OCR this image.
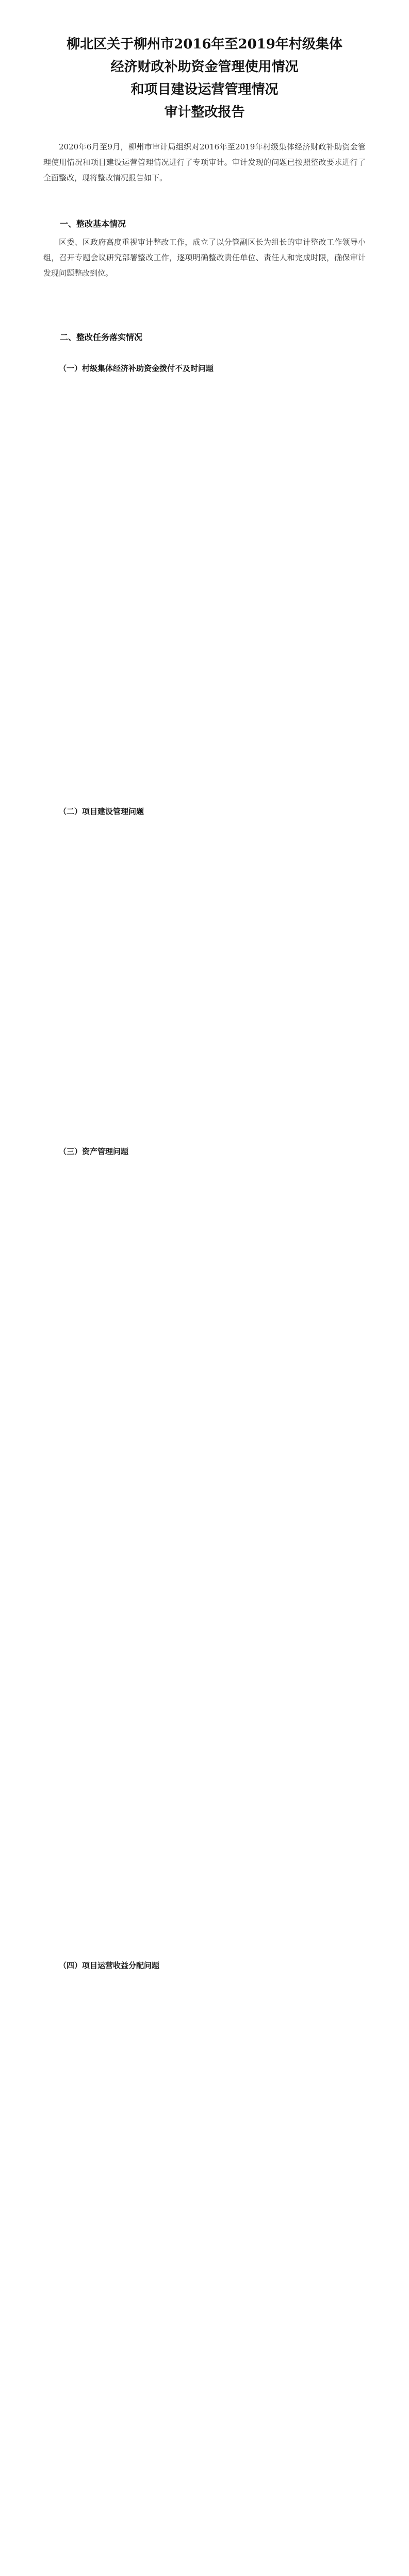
柳北区关于柳州市2016年至2019年村级集体

经济财政补助资金管理使用情况

和项目建设运营管理情况

审计整改报告

2020年6月至9月，柳州市审计局组织对2016年至2019年村级集体经济财政补助资金管理使用情况和项目建设运营管理情况进行了专项审计。审计发现的问题已按照整改要求进行了全面整改，现将整改情况报告如下。

一、整改基本情况

区委、区政府高度重视审计整改工作，成立了以分管副区长为组长的审计整改工作领导小组，召开专题会议研究部署整改工作，逐项明确整改责任单位、责任人和完成时限，确保审计发现问题整改到位。

二、整改任务落实情况

（一）村级集体经济补助资金拨付不及时问题

（二）项目建设管理问题

（三）资产管理问题

（四）项目运营收益分配问题
